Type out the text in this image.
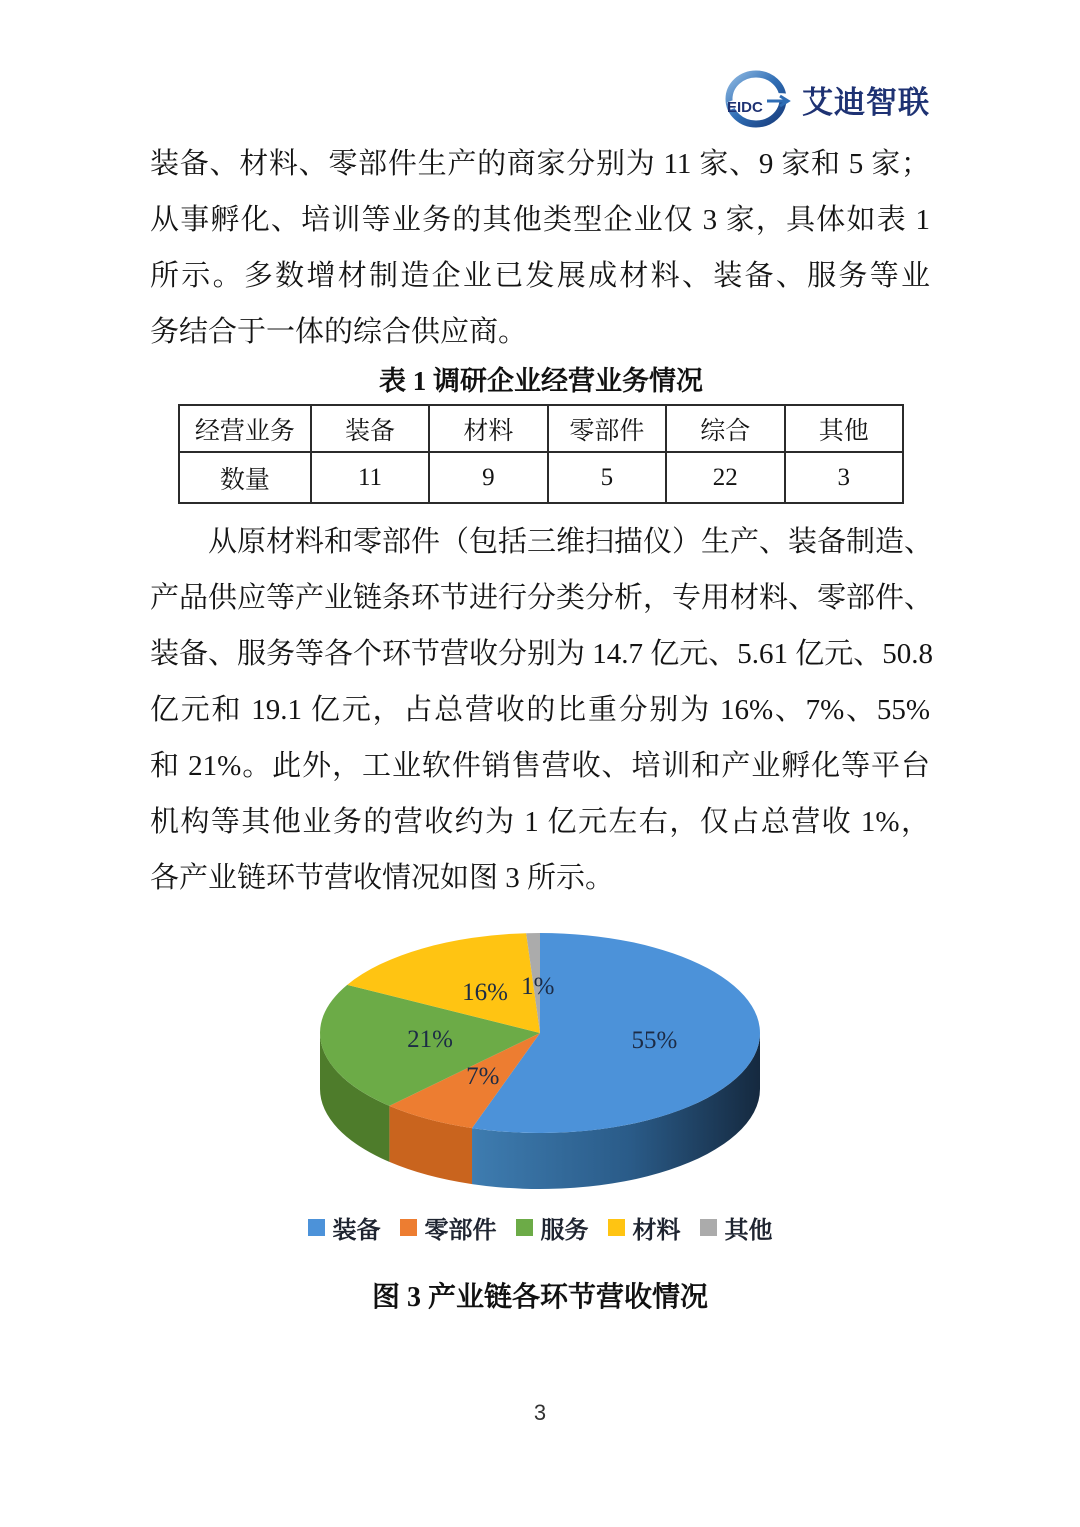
EIDC 艾迪智联

装备、材料、零部件生产的商家分别为 11 家、9 家和 5 家；
从事孵化、培训等业务的其他类型企业仅 3 家，具体如表 1
所示。多数增材制造企业已发展成材料、装备、服务等业
务结合于一体的综合供应商。

表 1 调研企业经营业务情况
经营业务	装备	材料	零部件	综合	其他
数量	11	9	5	22	3

从原材料和零部件（包括三维扫描仪）生产、装备制造、
产品供应等产业链条环节进行分类分析，专用材料、零部件、
装备、服务等各个环节营收分别为 14.7 亿元、5.61 亿元、50.8
亿元和 19.1 亿元，占总营收的比重分别为 16%、7%、55%
和 21%。此外，工业软件销售营收、培训和产业孵化等平台
机构等其他业务的营收约为 1 亿元左右，仅占总营收 1%，
各产业链环节营收情况如图 3 所示。

55%
7%
21%
16% 1%
装备 零部件 服务 材料 其他
图 3 产业链各环节营收情况
3
